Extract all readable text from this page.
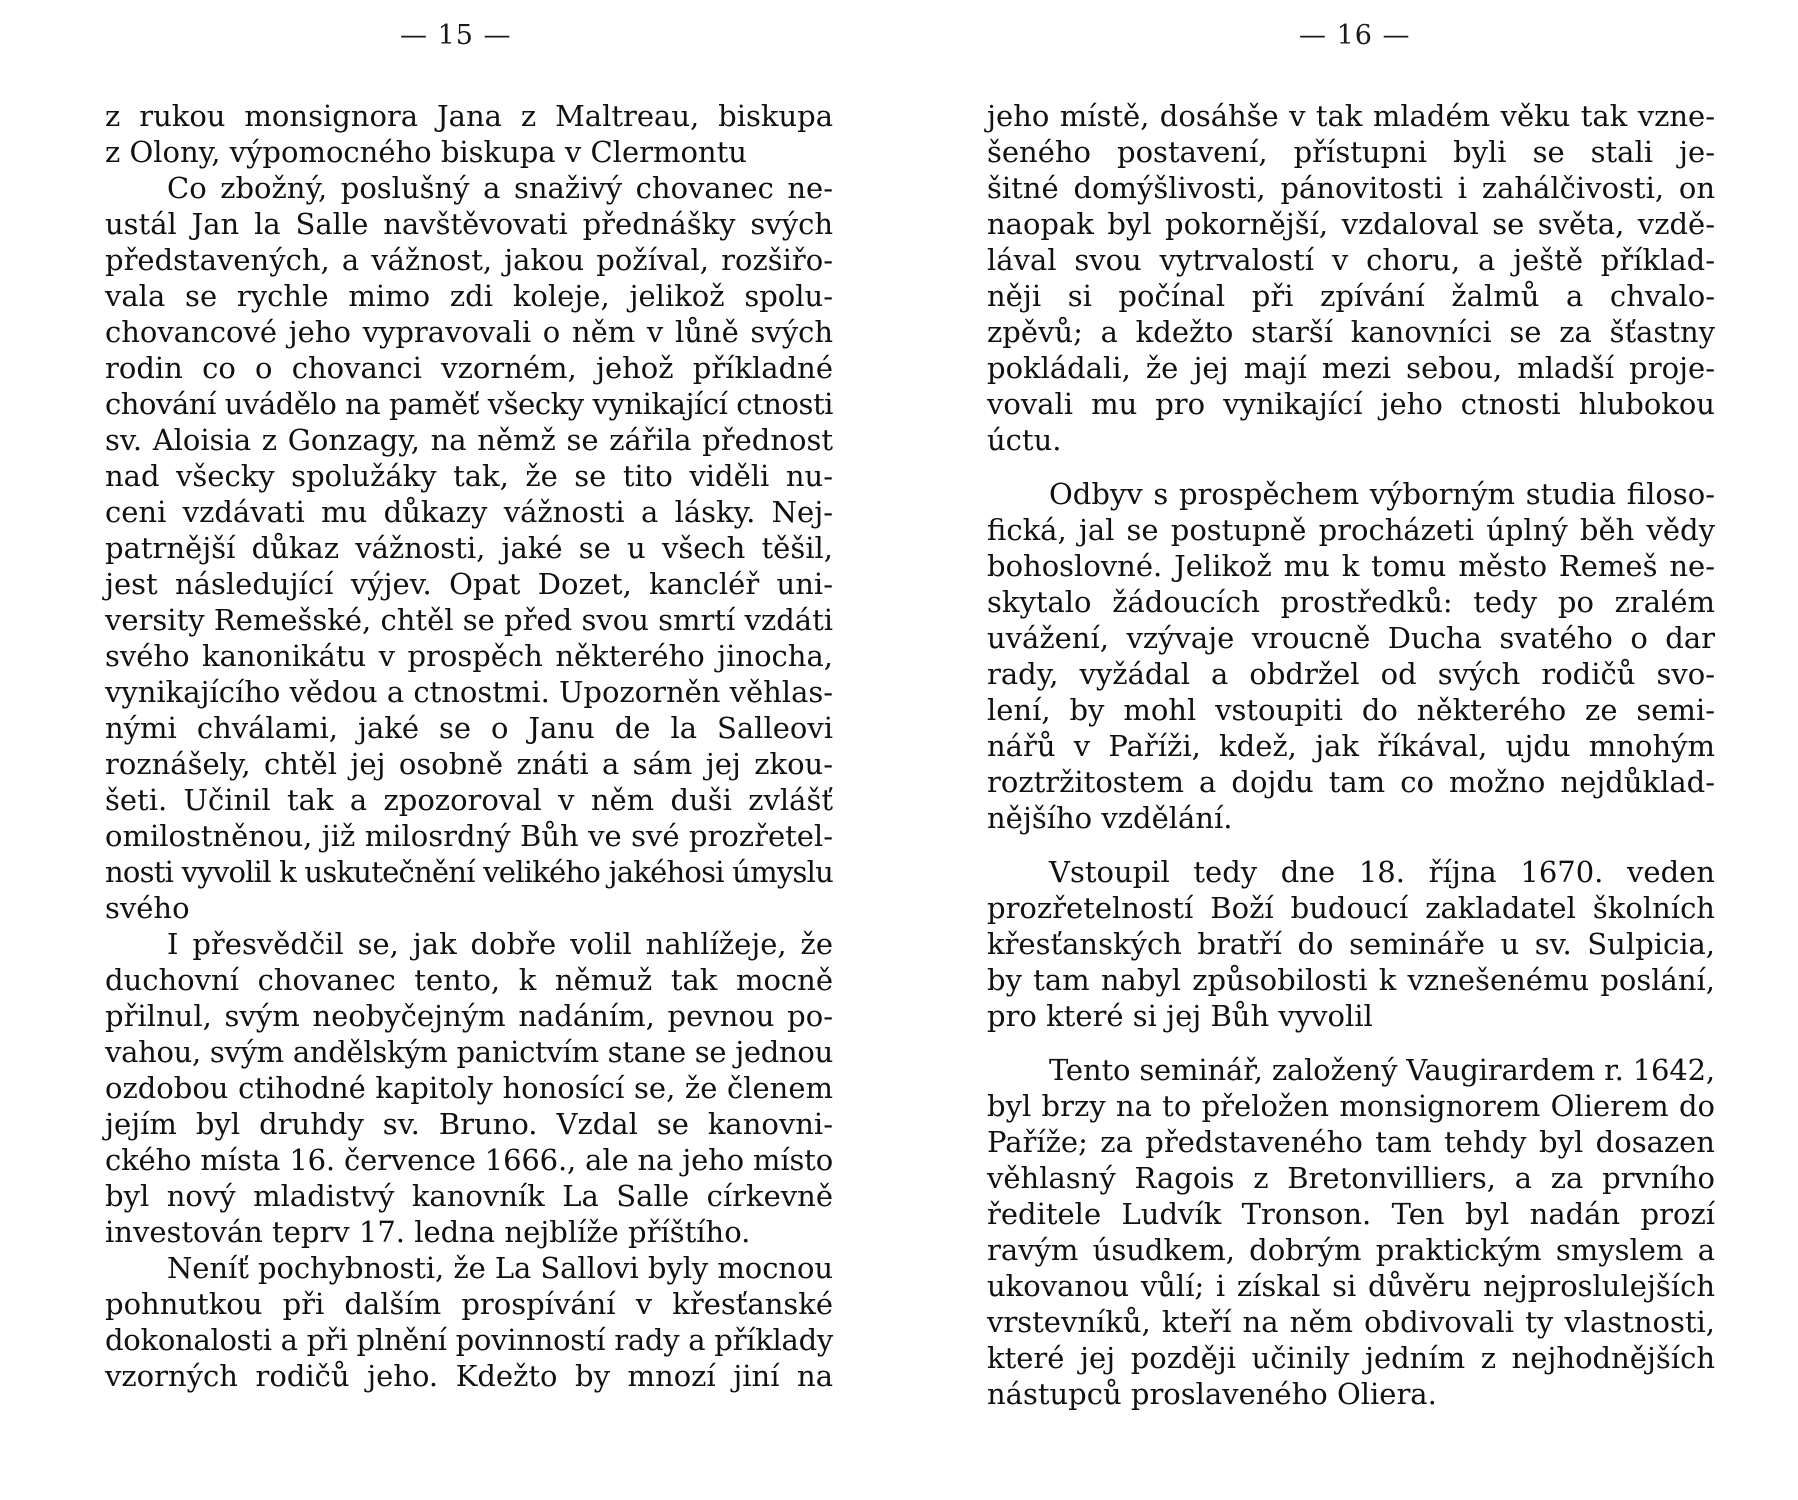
— 15 —
z rukou monsignora Jana z Maltreau, biskupa
z Olony, výpomocného biskupa v Clermontu
Co zbožný, poslušný a snaživý chovanec ne-
ustál Jan la Salle navštěvovati přednášky svých
představených, a vážnost, jakou požíval, rozšiřo-
vala se rychle mimo zdi koleje, jelikož spolu-
chovancové jeho vypravovali o něm v lůně svých
rodin co o chovanci vzorném, jehož příkladné
chování uvádělo na paměť všecky vynikající ctnosti
sv. Aloisia z Gonzagy, na němž se zářila přednost
nad všecky spolužáky tak, že se tito viděli nu-
ceni vzdávati mu důkazy vážnosti a lásky. Nej-
patrnější důkaz vážnosti, jaké se u všech těšil,
jest následující výjev. Opat Dozet, kancléř uni-
versity Remešské, chtěl se před svou smrtí vzdáti
svého kanonikátu v prospěch některého jinocha,
vynikajícího vědou a ctnostmi. Upozorněn věhlas-
nými chválami, jaké se o Janu de la Salleovi
roznášely, chtěl jej osobně znáti a sám jej zkou-
šeti. Učinil tak a zpozoroval v něm duši zvlášť
omilostněnou, již milosrdný Bůh ve své prozřetel-
nosti vyvolil k uskutečnění velikého jakéhosi úmyslu
svého
I přesvědčil se, jak dobře volil nahlížeje, že
duchovní chovanec tento, k němuž tak mocně
přilnul, svým neobyčejným nadáním, pevnou po-
vahou, svým andělským panictvím stane se jednou
ozdobou ctihodné kapitoly honosící se, že členem
jejím byl druhdy sv. Bruno. Vzdal se kanovni-
ckého místa 16. července 1666., ale na jeho místo
byl nový mladistvý kanovník La Salle církevně
investován teprv 17. ledna nejblíže příštího.
Neníť pochybnosti, že La Sallovi byly mocnou
pohnutkou při dalším prospívání v křesťanské
dokonalosti a při plnění povinností rady a příklady
vzorných rodičů jeho. Kdežto by mnozí jiní na
— 16 —
jeho místě, dosáhše v tak mladém věku tak vzne-
šeného postavení, přístupni byli se stali je-
šitné domýšlivosti, pánovitosti i zahálčivosti, on
naopak byl pokornější, vzdaloval se světa, vzdě-
lával svou vytrvalostí v choru, a ještě příklad-
něji si počínal při zpívání žalmů a chvalo-
zpěvů; a kdežto starší kanovníci se za šťastny
pokládali, že jej mají mezi sebou, mladší proje-
vovali mu pro vynikající jeho ctnosti hlubokou
úctu.
Odbyv s prospěchem výborným studia filoso-
fická, jal se postupně procházeti úplný běh vědy
bohoslovné. Jelikož mu k tomu město Remeš ne-
skytalo žádoucích prostředků: tedy po zralém
uvážení, vzývaje vroucně Ducha svatého o dar
rady, vyžádal a obdržel od svých rodičů svo-
lení, by mohl vstoupiti do některého ze semi-
nářů v Paříži, kdež, jak říkával, ujdu mnohým
roztržitostem a dojdu tam co možno nejdůklad-
nějšího vzdělání.
Vstoupil tedy dne 18. října 1670. veden
prozřetelností Boží budoucí zakladatel školních
křesťanských bratří do semináře u sv. Sulpicia,
by tam nabyl způsobilosti k vznešenému poslání,
pro které si jej Bůh vyvolil
Tento seminář, založený Vaugirardem r. 1642,
byl brzy na to přeložen monsignorem Olierem do
Paříže; za představeného tam tehdy byl dosazen
věhlasný Ragois z Bretonvilliers, a za prvního
ředitele Ludvík Tronson. Ten byl nadán prozí
ravým úsudkem, dobrým praktickým smyslem a
ukovanou vůlí; i získal si důvěru nejproslulejších
vrstevníků, kteří na něm obdivovali ty vlastnosti,
které jej později učinily jedním z nejhodnějších
nástupců proslaveného Oliera.
